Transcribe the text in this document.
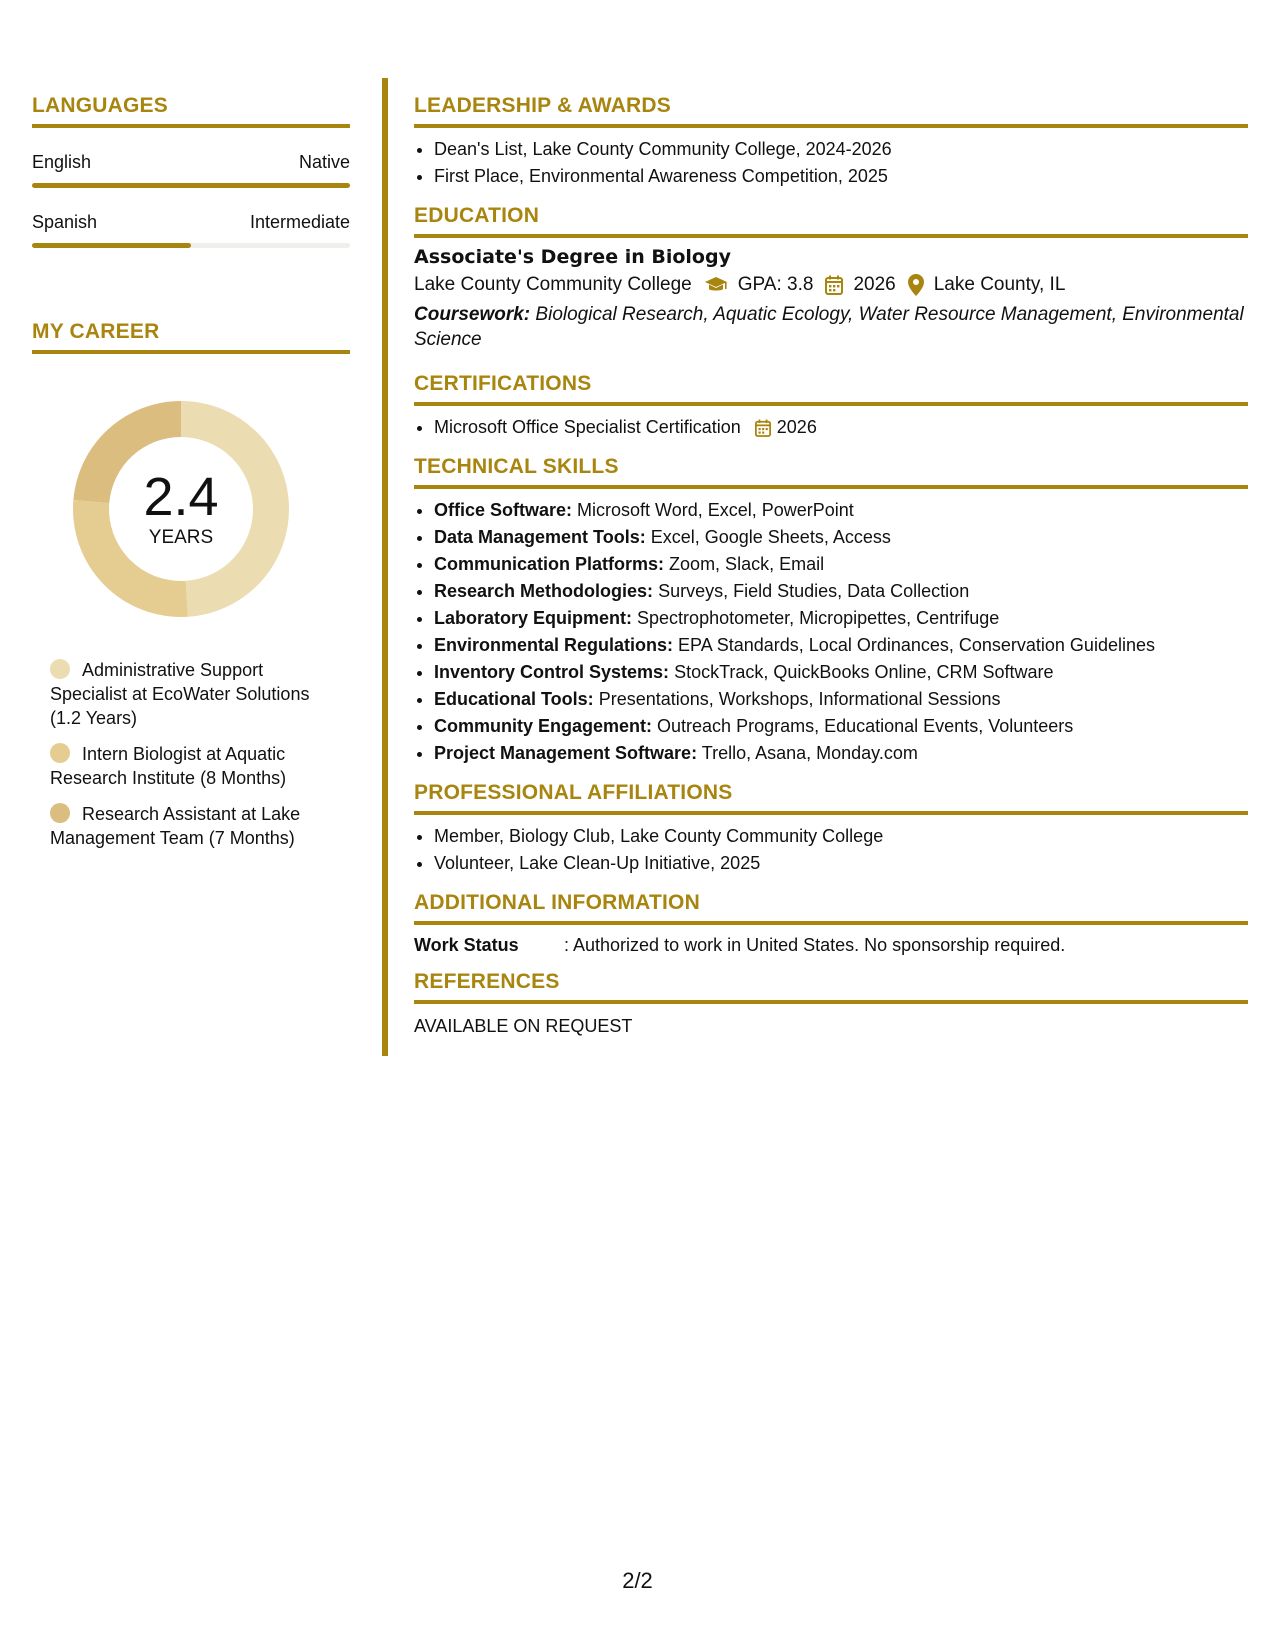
LANGUAGES
English	Native
Spanish	Intermediate
MY CAREER
2.4
YEARS
Administrative Support Specialist at EcoWater Solutions (1.2 Years)
Intern Biologist at Aquatic Research Institute (8 Months)
Research Assistant at Lake Management Team (7 Months)
LEADERSHIP & AWARDS
• Dean's List, Lake County Community College, 2024-2026
• First Place, Environmental Awareness Competition, 2025
EDUCATION
Associate's Degree in Biology
Lake County Community College GPA: 3.8 2026 Lake County, IL
Coursework: Biological Research, Aquatic Ecology, Water Resource Management, Environmental Science
CERTIFICATIONS
• Microsoft Office Specialist Certification 2026
TECHNICAL SKILLS
• Office Software: Microsoft Word, Excel, PowerPoint
• Data Management Tools: Excel, Google Sheets, Access
• Communication Platforms: Zoom, Slack, Email
• Research Methodologies: Surveys, Field Studies, Data Collection
• Laboratory Equipment: Spectrophotometer, Micropipettes, Centrifuge
• Environmental Regulations: EPA Standards, Local Ordinances, Conservation Guidelines
• Inventory Control Systems: StockTrack, QuickBooks Online, CRM Software
• Educational Tools: Presentations, Workshops, Informational Sessions
• Community Engagement: Outreach Programs, Educational Events, Volunteers
• Project Management Software: Trello, Asana, Monday.com
PROFESSIONAL AFFILIATIONS
• Member, Biology Club, Lake County Community College
• Volunteer, Lake Clean-Up Initiative, 2025
ADDITIONAL INFORMATION
Work Status	: Authorized to work in United States. No sponsorship required.
REFERENCES
AVAILABLE ON REQUEST
2/2
